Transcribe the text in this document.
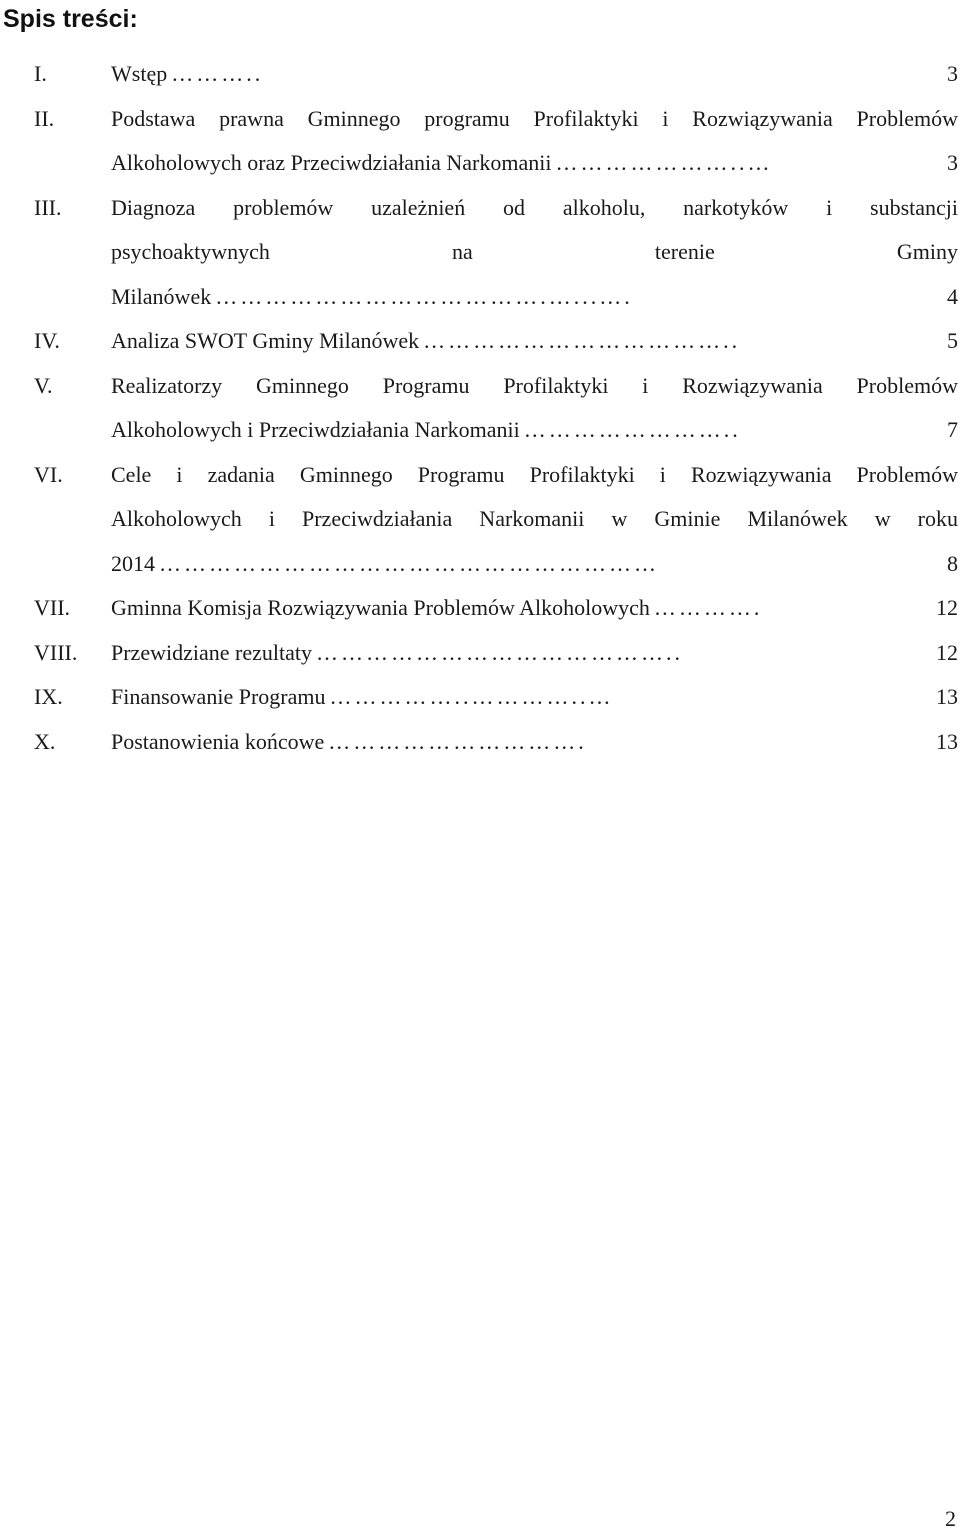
Spis treści:
I.	Wstęp ………..	3
II.	Podstawa prawna Gminnego programu Profilaktyki i Rozwiązywania Problemów
Alkoholowych oraz Przeciwdziałania Narkomanii …………………..…	3
III. Diagnoza problemów uzależnień od alkoholu, narkotyków i substancji
psychoaktywnych na terenie Gminy
Milanówek ………………………………….…...….	4
IV. Analiza SWOT Gminy Milanówek ………………………………..	5
V.	Realizatorzy Gminnego Programu Profilaktyki i Rozwiązywania Problemów
Alkoholowych i Przeciwdziałania Narkomanii ……………………..	7
VI. Cele i zadania Gminnego Programu Profilaktyki i Rozwiązywania Problemów
Alkoholowych i Przeciwdziałania Narkomanii w Gminie Milanówek w roku
2014 ……………………………………………………	8
VII. Gminna Komisja Rozwiązywania Problemów Alkoholowych ………….	12
VIII. Przewidziane rezultaty ……………………………………..	12
IX. Finansowanie Programu ……………..…………..…	13
X.	Postanowienia końcowe ………………………….	13
2
